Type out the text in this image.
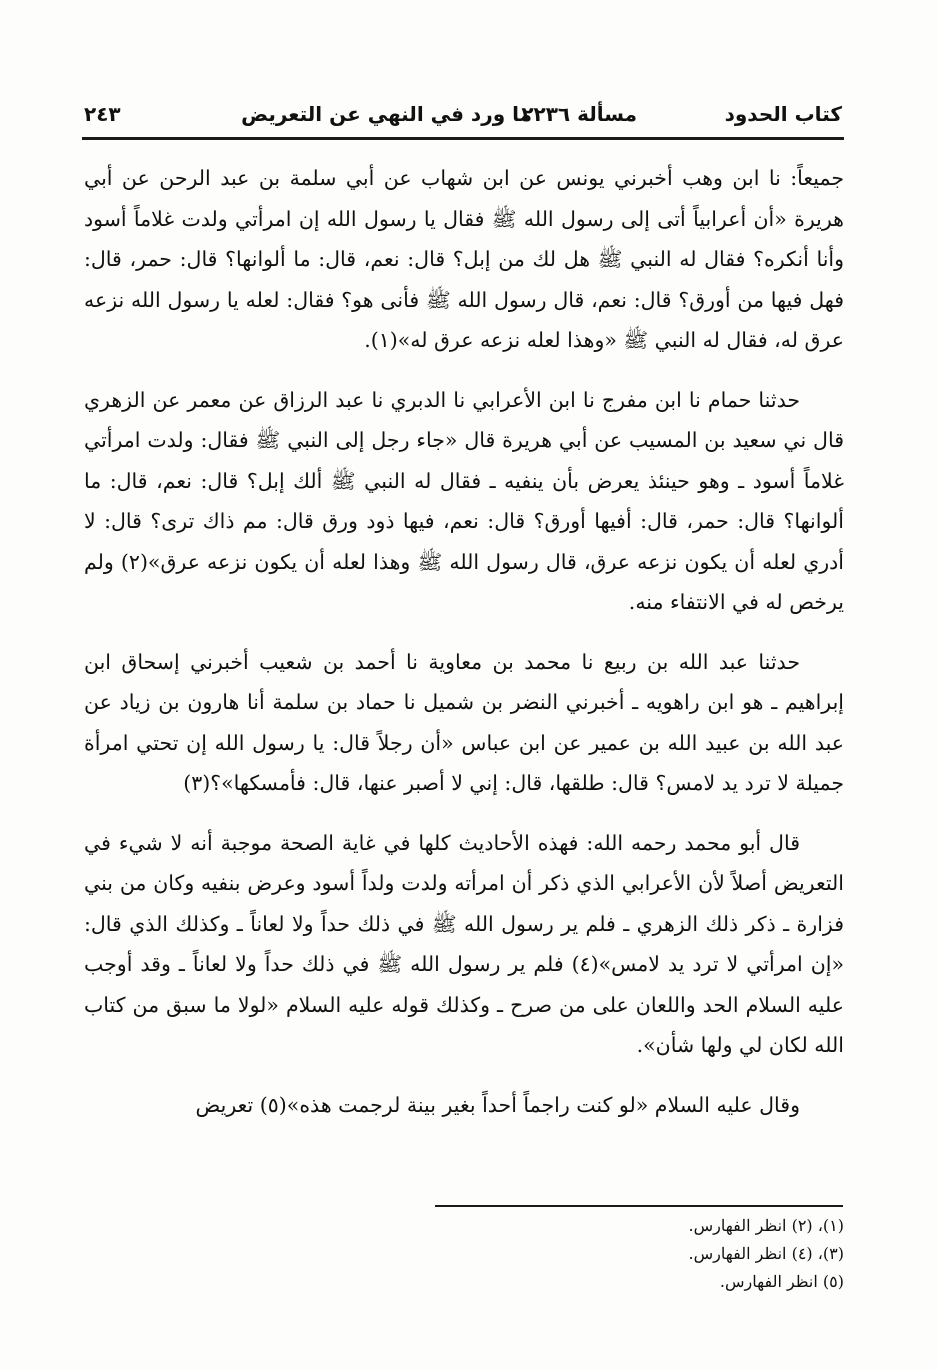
كتاب الحدود
مسألة ٢٢٣٦
ما ورد في النهي عن التعريض
٢٤٣

جميعاً: نا ابن وهب أخبرني يونس عن ابن شهاب عن أبي سلمة بن عبد الرحن عن أبي هريرة «أن أعرابياً أتى إلى رسول الله ﷺ فقال يا رسول الله إن امرأتي ولدت غلاماً أسود وأنا أنكره؟ فقال له النبي ﷺ هل لك من إبل؟ قال: نعم، قال: ما ألوانها؟ قال: حمر، قال: فهل فيها من أورق؟ قال: نعم، قال رسول الله ﷺ فأنى هو؟ فقال: لعله يا رسول الله نزعه عرق له، فقال له النبي ﷺ «وهذا لعله نزعه عرق له»(١).

حدثنا حمام نا ابن مفرج نا ابن الأعرابي نا الدبري نا عبد الرزاق عن معمر عن الزهري قال ني سعيد بن المسيب عن أبي هريرة قال «جاء رجل إلى النبي ﷺ فقال: ولدت امرأتي غلاماً أسود ـ وهو حينئذ يعرض بأن ينفيه ـ فقال له النبي ﷺ ألك إبل؟ قال: نعم، قال: ما ألوانها؟ قال: حمر، قال: أفيها أورق؟ قال: نعم، فيها ذود ورق قال: مم ذاك ترى؟ قال: لا أدري لعله أن يكون نزعه عرق، قال رسول الله ﷺ وهذا لعله أن يكون نزعه عرق»(٢) ولم يرخص له في الانتفاء منه.

حدثنا عبد الله بن ربيع نا محمد بن معاوية نا أحمد بن شعيب أخبرني إسحاق ابن إبراهيم ـ هو ابن راهويه ـ أخبرني النضر بن شميل نا حماد بن سلمة أنا هارون بن زياد عن عبد الله بن عبيد الله بن عمير عن ابن عباس «أن رجلاً قال: يا رسول الله إن تحتي امرأة جميلة لا ترد يد لامس؟ قال: طلقها، قال: إني لا أصبر عنها، قال: فأمسكها»؟(٣)

قال أبو محمد رحمه الله: فهذه الأحاديث كلها في غاية الصحة موجبة أنه لا شيء في التعريض أصلاً لأن الأعرابي الذي ذكر أن امرأته ولدت ولداً أسود وعرض بنفيه وكان من بني فزارة ـ ذكر ذلك الزهري ـ فلم ير رسول الله ﷺ في ذلك حداً ولا لعاناً ـ وكذلك الذي قال: «إن امرأتي لا ترد يد لامس»(٤) فلم ير رسول الله ﷺ في ذلك حداً ولا لعاناً ـ وقد أوجب عليه السلام الحد واللعان على من صرح ـ وكذلك قوله عليه السلام «لولا ما سبق من كتاب الله لكان لي ولها شأن».

وقال عليه السلام «لو كنت راجماً أحداً بغير بينة لرجمت هذه»(٥) تعريض

(١)، (٢) انظر الفهارس.
(٣)، (٤) انظر الفهارس.
(٥) انظر الفهارس.
